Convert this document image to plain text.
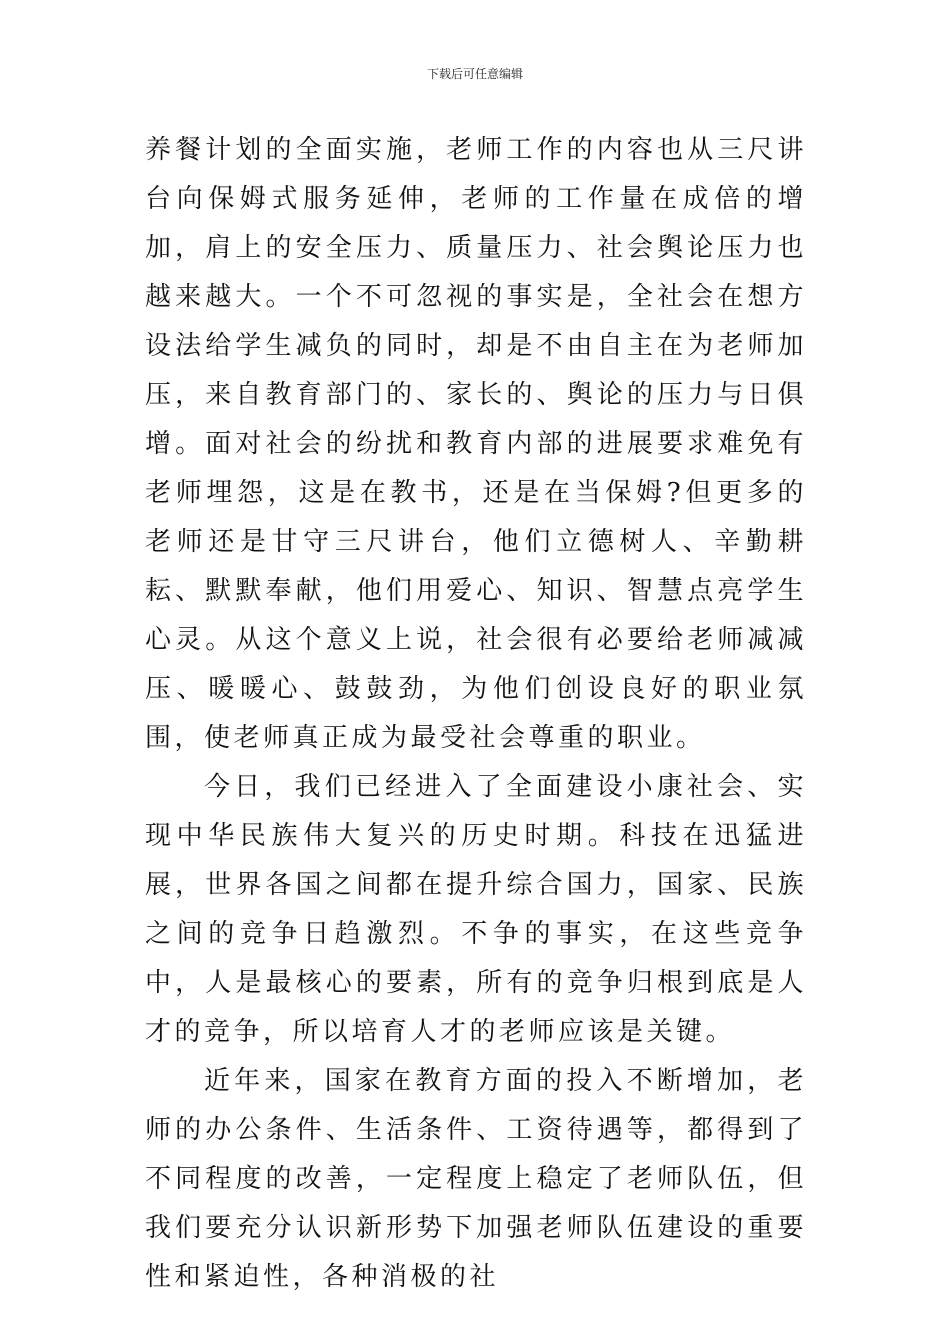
下载后可任意编辑

养餐计划的全面实施，老师工作的内容也从三尺讲台向保姆式服务延伸，老师的工作量在成倍的增加，肩上的安全压力、质量压力、社会舆论压力也越来越大。一个不可忽视的事实是，全社会在想方设法给学生减负的同时，却是不由自主在为老师加压，来自教育部门的、家长的、舆论的压力与日俱增。面对社会的纷扰和教育内部的进展要求难免有老师埋怨，这是在教书，还是在当保姆?但更多的老师还是甘守三尺讲台，他们立德树人、辛勤耕耘、默默奉献，他们用爱心、知识、智慧点亮学生心灵。从这个意义上说，社会很有必要给老师减减压、暖暖心、鼓鼓劲，为他们创设良好的职业氛围，使老师真正成为最受社会尊重的职业。

今日，我们已经进入了全面建设小康社会、实现中华民族伟大复兴的历史时期。科技在迅猛进展，世界各国之间都在提升综合国力，国家、民族之间的竞争日趋激烈。不争的事实，在这些竞争中，人是最核心的要素，所有的竞争归根到底是人才的竞争，所以培育人才的老师应该是关键。

近年来，国家在教育方面的投入不断增加，老师的办公条件、生活条件、工资待遇等，都得到了不同程度的改善，一定程度上稳定了老师队伍，但我们要充分认识新形势下加强老师队伍建设的重要性和紧迫性，各种消极的社
